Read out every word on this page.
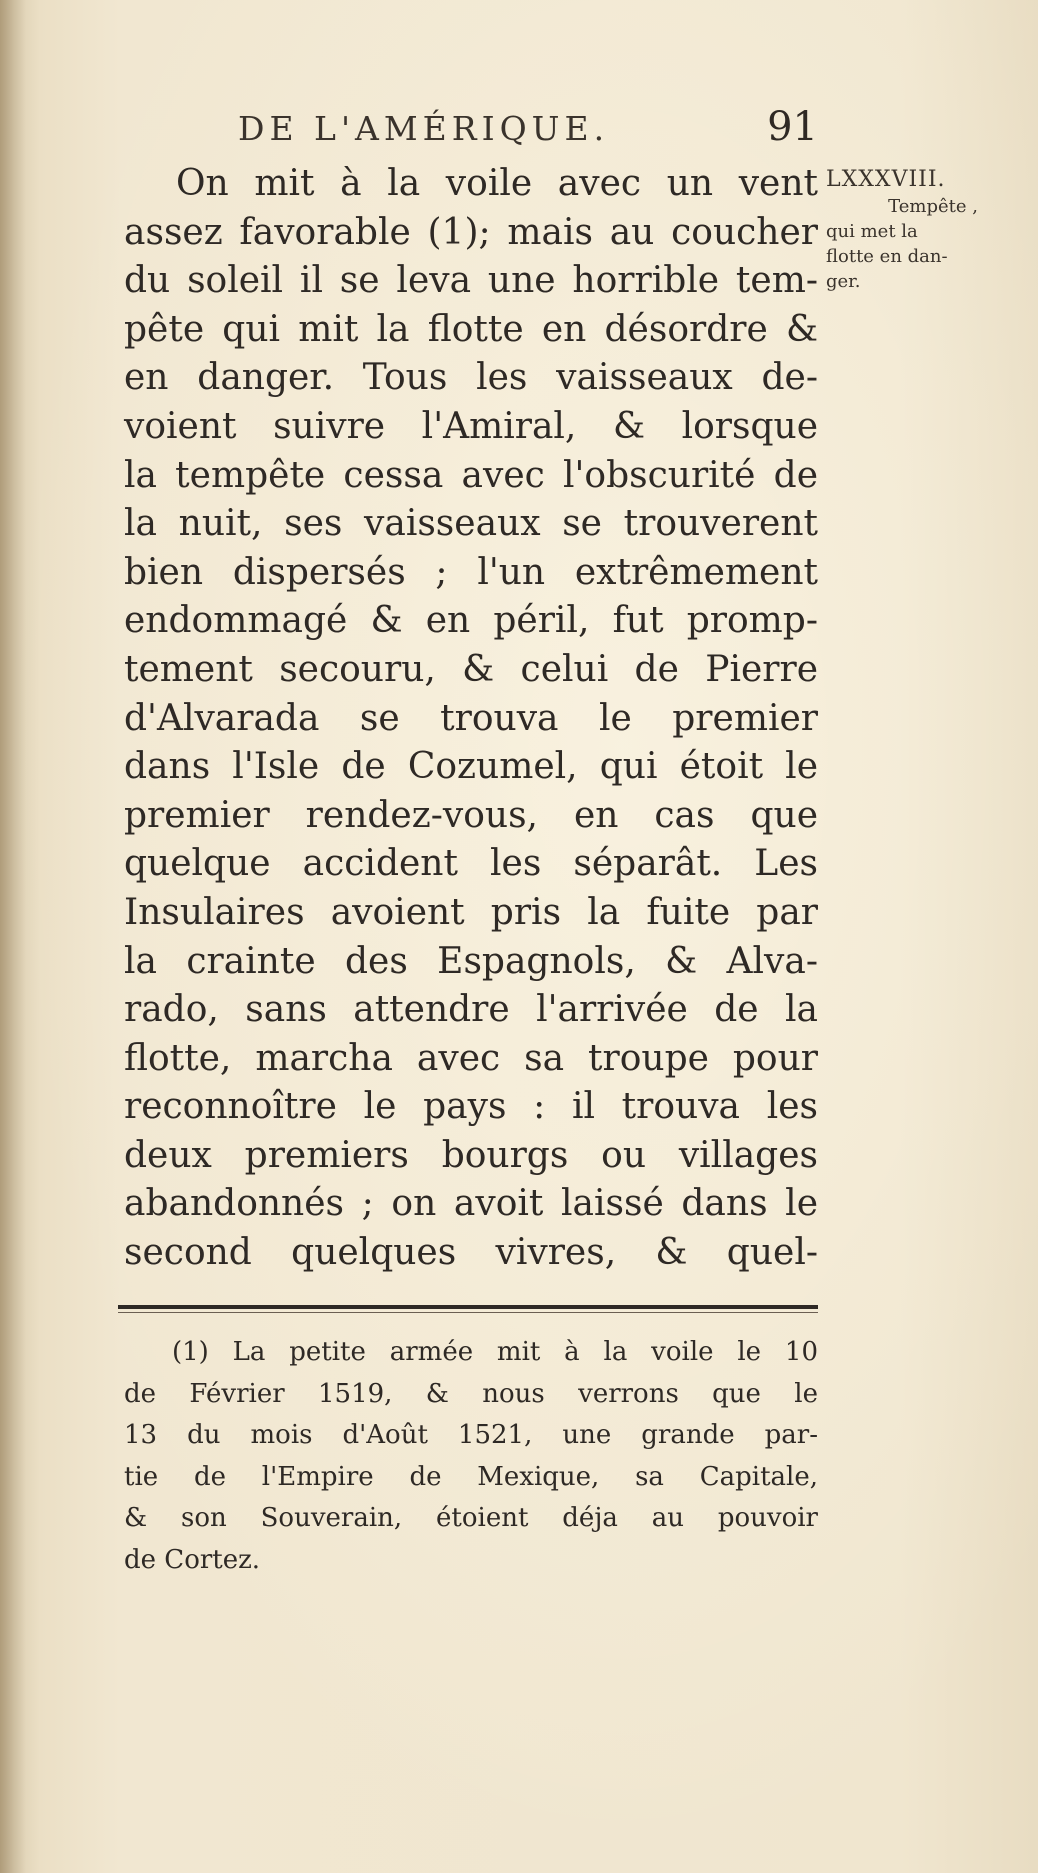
DE L'AMÉRIQUE.	91
On mit à la voile avec un vent
assez favorable (1); mais au coucher
du soleil il se leva une horrible tem-
pête qui mit la flotte en désordre &
en danger. Tous les vaisseaux de-
voient suivre l'Amiral, & lorsque
la tempête cessa avec l'obscurité de
la nuit, ses vaisseaux se trouverent
bien dispersés ; l'un extrêmement
endommagé & en péril, fut promp-
tement secouru, & celui de Pierre
d'Alvarada se trouva le premier
dans l'Isle de Cozumel, qui étoit le
premier rendez-vous, en cas que
quelque accident les séparât. Les
Insulaires avoient pris la fuite par
la crainte des Espagnols, & Alva-
rado, sans attendre l'arrivée de la
flotte, marcha avec sa troupe pour
reconnoître le pays : il trouva les
deux premiers bourgs ou villages
abandonnés ; on avoit laissé dans le
second quelques vivres, & quel-
LXXXVIII.
Tempête ,
qui met la
flotte en dan-
ger.
(1) La petite armée mit à la voile le 10
de Février 1519, & nous verrons que le
13 du mois d'Août 1521, une grande par-
tie de l'Empire de Mexique, sa Capitale,
& son Souverain, étoient déja au pouvoir
de Cortez.
